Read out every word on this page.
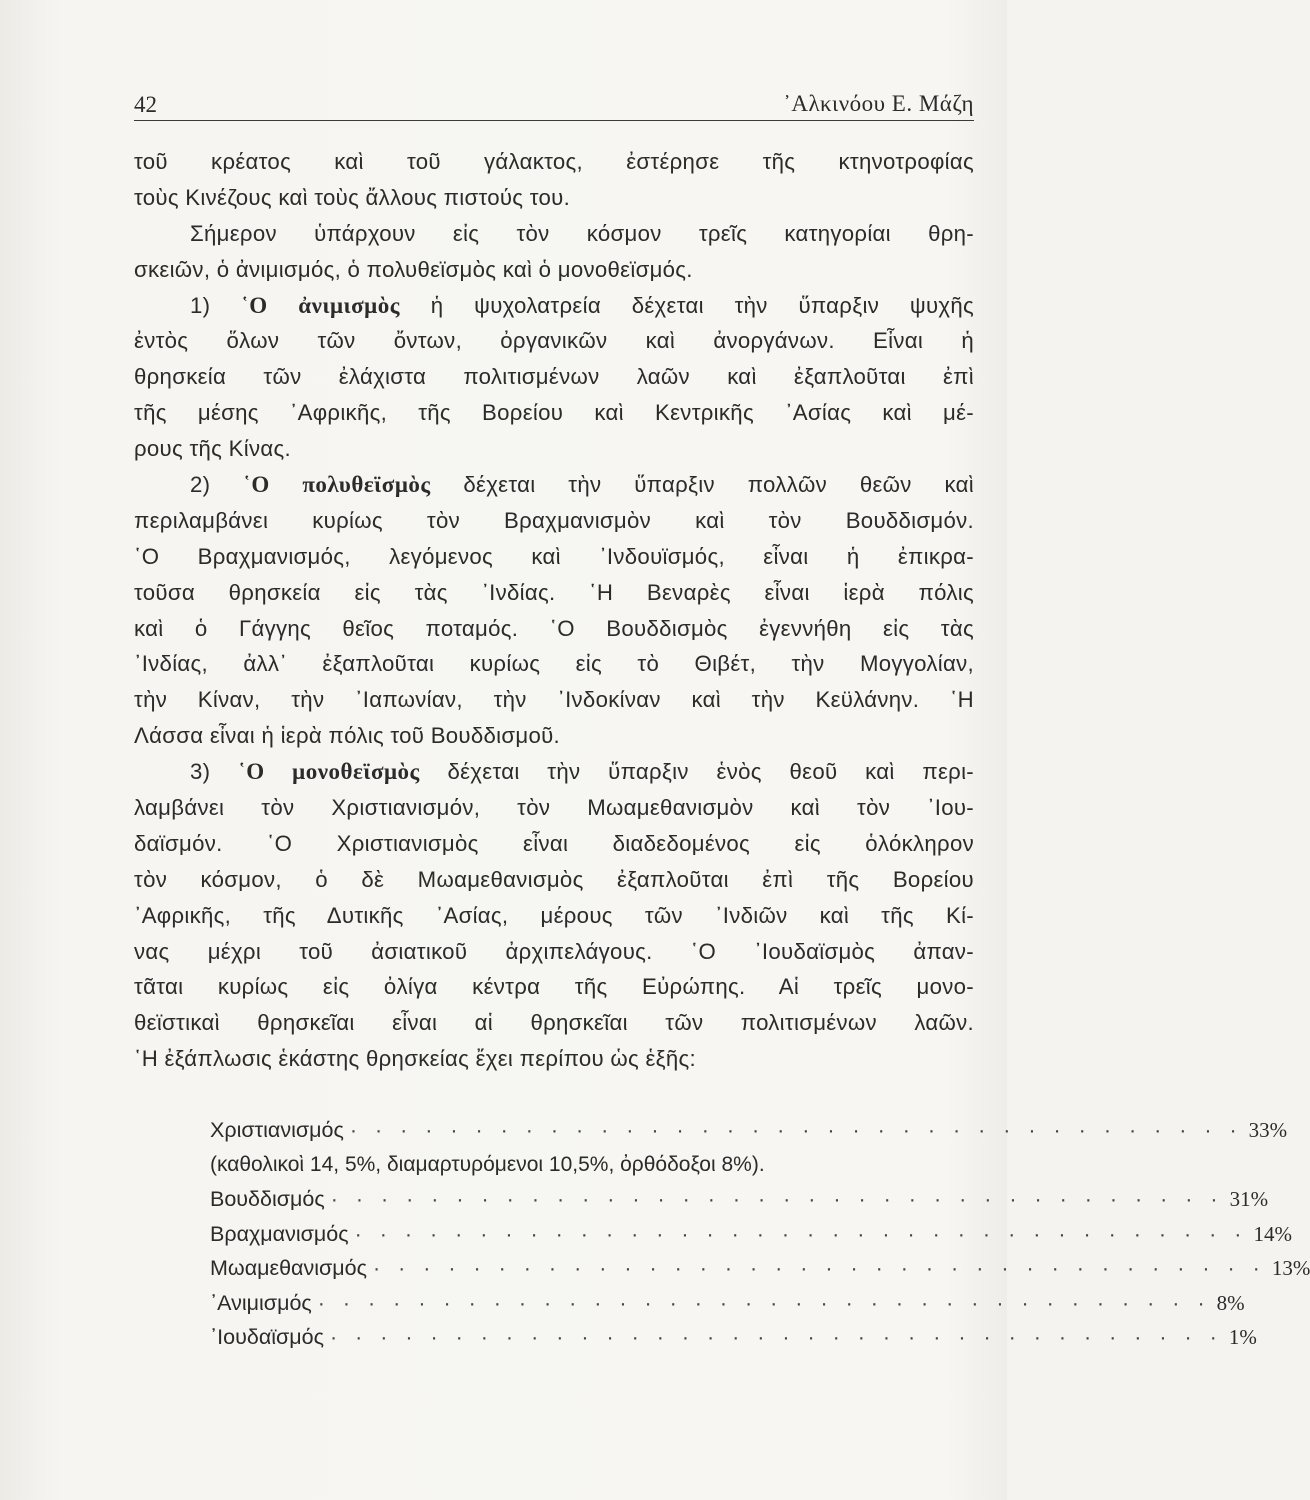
42	᾿Αλκινόου Ε. Μάζη
τοῦ κρέατος καὶ τοῦ γάλακτος, ἐστέρησε τῆς κτηνοτροφίας
τοὺς Κινέζους καὶ τοὺς ἄλλους πιστούς του.
Σήμερον ὑπάρχουν εἰς τὸν κόσμον τρεῖς κατηγορίαι θρη-
σκειῶν, ὁ ἀνιμισμός, ὁ πολυθεϊσμὸς καὶ ὁ μονοθεϊσμός.
1) ῾Ο ἀνιμισμὸς ἡ ψυχολατρεία δέχεται τὴν ὕπαρξιν ψυχῆς
ἐντὸς ὅλων τῶν ὄντων, ὀργανικῶν καὶ ἀνοργάνων. Εἶναι ἡ
θρησκεία τῶν ἐλάχιστα πολιτισμένων λαῶν καὶ ἐξαπλοῦται ἐπὶ
τῆς μέσης ᾿Αφρικῆς, τῆς Βορείου καὶ Κεντρικῆς ᾿Ασίας καὶ μέ-
ρους τῆς Κίνας.
2) ῾Ο πολυθεϊσμὸς δέχεται τὴν ὕπαρξιν πολλῶν θεῶν καὶ
περιλαμβάνει κυρίως τὸν Βραχμανισμὸν καὶ τὸν Βουδδισμόν.
῾Ο Βραχμανισμός, λεγόμενος καὶ ᾿Ινδουϊσμός, εἶναι ἡ ἐπικρα-
τοῦσα θρησκεία εἰς τὰς ᾿Ινδίας. ῾Η Βεναρὲς εἶναι ἱερὰ πόλις
καὶ ὁ Γάγγης θεῖος ποταμός. ῾Ο Βουδδισμὸς ἐγεννήθη εἰς τὰς
᾿Ινδίας, ἀλλ᾿ ἐξαπλοῦται κυρίως εἰς τὸ Θιβέτ, τὴν Μογγολίαν,
τὴν Κίναν, τὴν ᾿Ιαπωνίαν, τὴν ᾿Ινδοκίναν καὶ τὴν Κεϋλάνην. ῾Η
Λάσσα εἶναι ἡ ἱερὰ πόλις τοῦ Βουδδισμοῦ.
3) ῾Ο μονοθεϊσμὸς δέχεται τὴν ὕπαρξιν ἑνὸς θεοῦ καὶ περι-
λαμβάνει τὸν Χριστιανισμόν, τὸν Μωαμεθανισμὸν καὶ τὸν ᾿Ιου-
δαϊσμόν. ῾Ο Χριστιανισμὸς εἶναι διαδεδομένος εἰς ὁλόκληρον
τὸν κόσμον, ὁ δὲ Μωαμεθανισμὸς ἐξαπλοῦται ἐπὶ τῆς Βορείου
᾿Αφρικῆς, τῆς Δυτικῆς ᾿Ασίας, μέρους τῶν ᾿Ινδιῶν καὶ τῆς Κί-
νας μέχρι τοῦ ἀσιατικοῦ ἀρχιπελάγους. ῾Ο ᾿Ιουδαϊσμὸς ἀπαν-
τᾶται κυρίως εἰς ὀλίγα κέντρα τῆς Εὐρώπης. Αἱ τρεῖς μονο-
θεϊστικαὶ θρησκεῖαι εἶναι αἱ θρησκεῖαι τῶν πολιτισμένων λαῶν.
῾Η ἐξάπλωσις ἑκάστης θρησκείας ἔχει περίπου ὡς ἑξῆς:
Χριστιανισμός · · · · · · · · · · · · · · · · · · · · · · · · · · · · · · · · · · · · 33%
(καθολικοὶ 14, 5%, διαμαρτυρόμενοι 10,5%, ὀρθόδοξοι 8%).
Βουδδισμός · · · · · · · · · · · · · · · · · · · · · · · · · · · · · · · · · · · · 31%
Βραχμανισμός · · · · · · · · · · · · · · · · · · · · · · · · · · · · · · · · · · · · 14%
Μωαμεθανισμός · · · · · · · · · · · · · · · · · · · · · · · · · · · · · · · · · · · · 13%
᾿Ανιμισμός · · · · · · · · · · · · · · · · · · · · · · · · · · · · · · · · · · · · 8%
᾿Ιουδαϊσμός · · · · · · · · · · · · · · · · · · · · · · · · · · · · · · · · · · · · 1%
